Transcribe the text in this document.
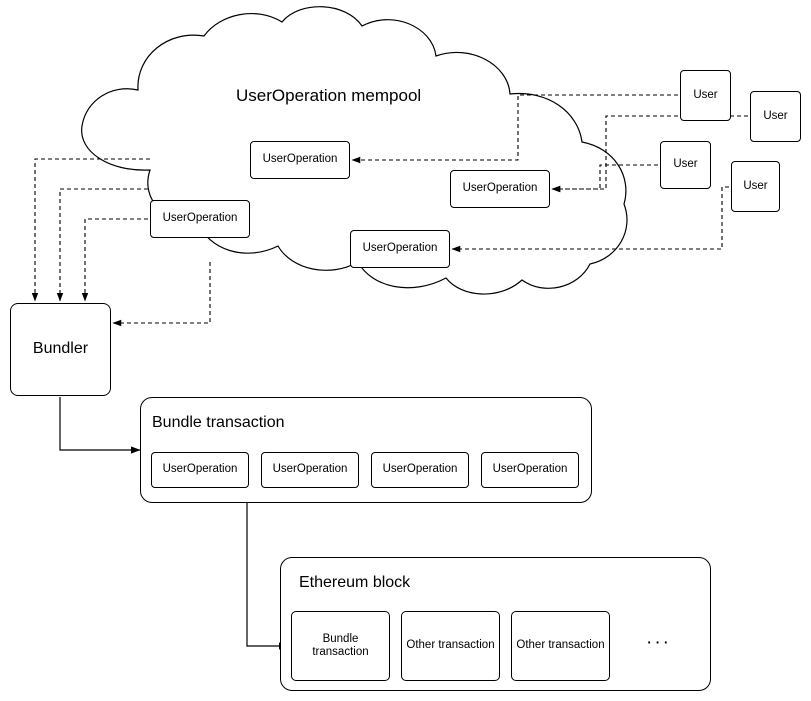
UserOperation mempool
UserOperation
UserOperation
UserOperation
UserOperation
User
User
User
User
Bundler
Bundle transaction
UserOperation	UserOperation	UserOperation	UserOperation
Ethereum block
Bundle transaction
Other transaction Other transaction ···
